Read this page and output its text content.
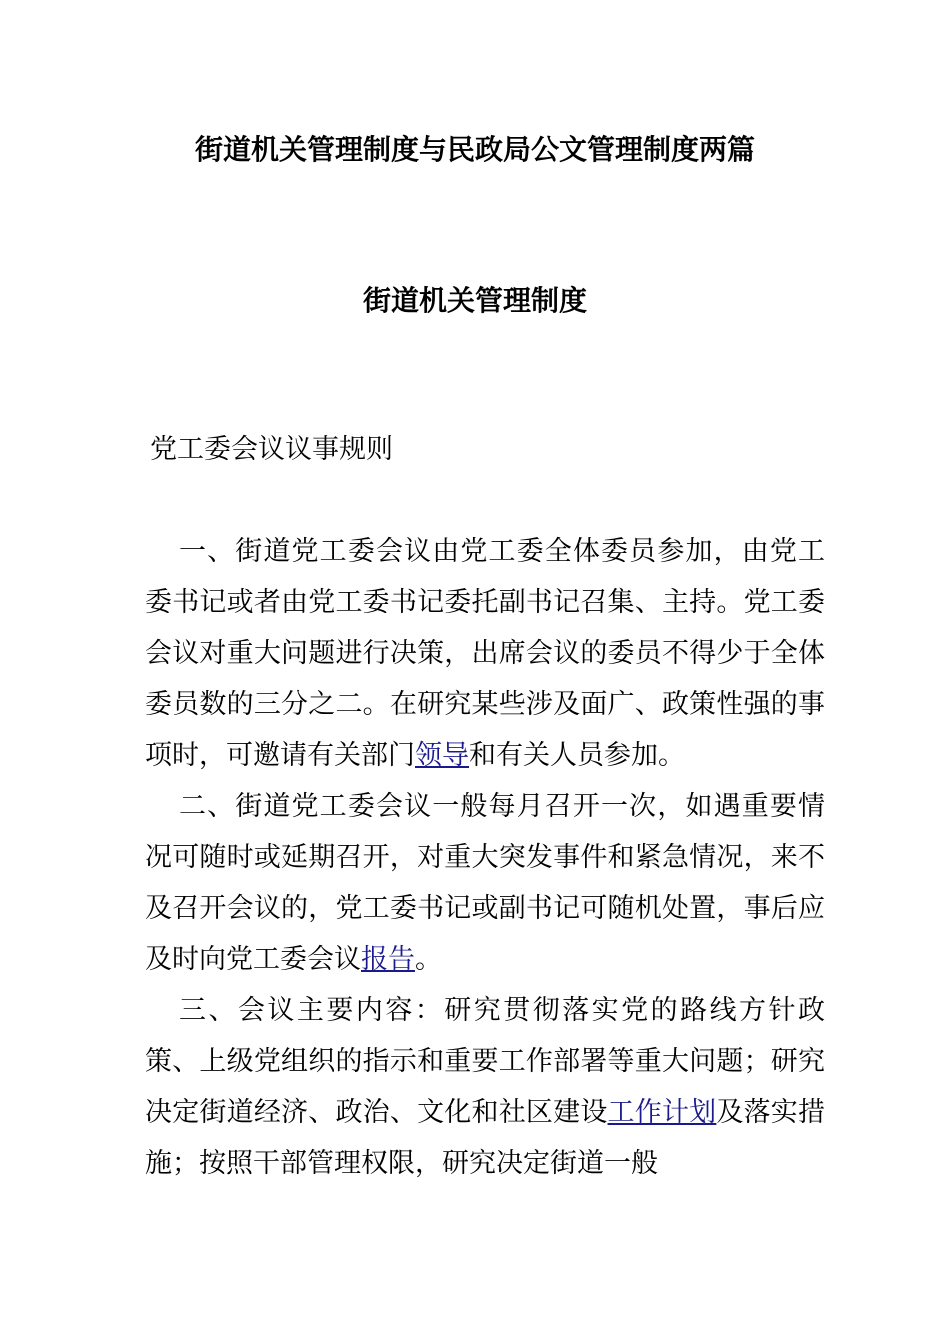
街道机关管理制度与民政局公文管理制度两篇
街道机关管理制度
党工委会议议事规则

一、街道党工委会议由党工委全体委员参加，由党工委书记或者由党工委书记委托副书记召集、主持。党工委会议对重大问题进行决策，出席会议的委员不得少于全体委员数的三分之二。在研究某些涉及面广、政策性强的事项时，可邀请有关部门领导和有关人员参加。

二、街道党工委会议一般每月召开一次，如遇重要情况可随时或延期召开，对重大突发事件和紧急情况，来不及召开会议的，党工委书记或副书记可随机处置，事后应及时向党工委会议报告。

三、会议主要内容：研究贯彻落实党的路线方针政策、上级党组织的指示和重要工作部署等重大问题；研究决定街道经济、政治、文化和社区建设工作计划及落实措施；按照干部管理权限，研究决定街道一般
